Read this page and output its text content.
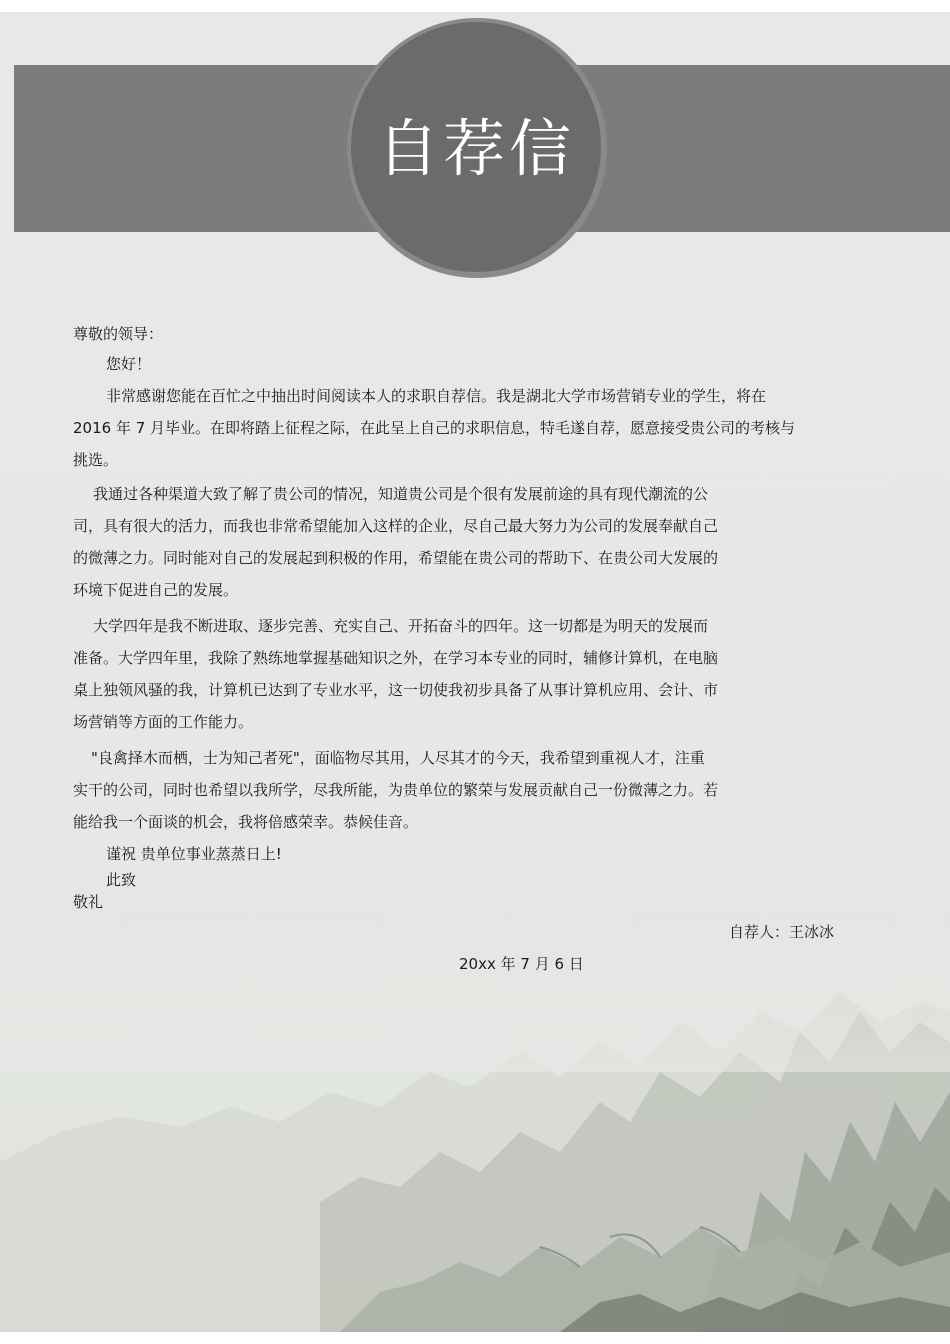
自荐信
尊敬的领导：
您好！
非常感谢您能在百忙之中抽出时间阅读本人的求职自荐信。我是湖北大学市场营销专业的学生，将在
2016 年 7 月毕业。在即将踏上征程之际，在此呈上自己的求职信息，特毛遂自荐，愿意接受贵公司的考核与
挑选。
我通过各种渠道大致了解了贵公司的情况，知道贵公司是个很有发展前途的具有现代潮流的公
司，具有很大的活力，而我也非常希望能加入这样的企业，尽自己最大努力为公司的发展奉献自己
的微薄之力。同时能对自己的发展起到积极的作用，希望能在贵公司的帮助下、在贵公司大发展的
环境下促进自己的发展。
大学四年是我不断进取、逐步完善、充实自己、开拓奋斗的四年。这一切都是为明天的发展而
准备。大学四年里，我除了熟练地掌握基础知识之外，在学习本专业的同时，辅修计算机，在电脑
桌上独领风骚的我，计算机已达到了专业水平，这一切使我初步具备了从事计算机应用、会计、市
场营销等方面的工作能力。
"良禽择木而栖，士为知己者死"，面临物尽其用，人尽其才的今天，我希望到重视人才，注重
实干的公司，同时也希望以我所学，尽我所能，为贵单位的繁荣与发展贡献自己一份微薄之力。若
能给我一个面谈的机会，我将倍感荣幸。恭候佳音。
谨祝 贵单位事业蒸蒸日上!
此致
敬礼
自荐人：王冰冰
20xx 年 7 月 6 日
